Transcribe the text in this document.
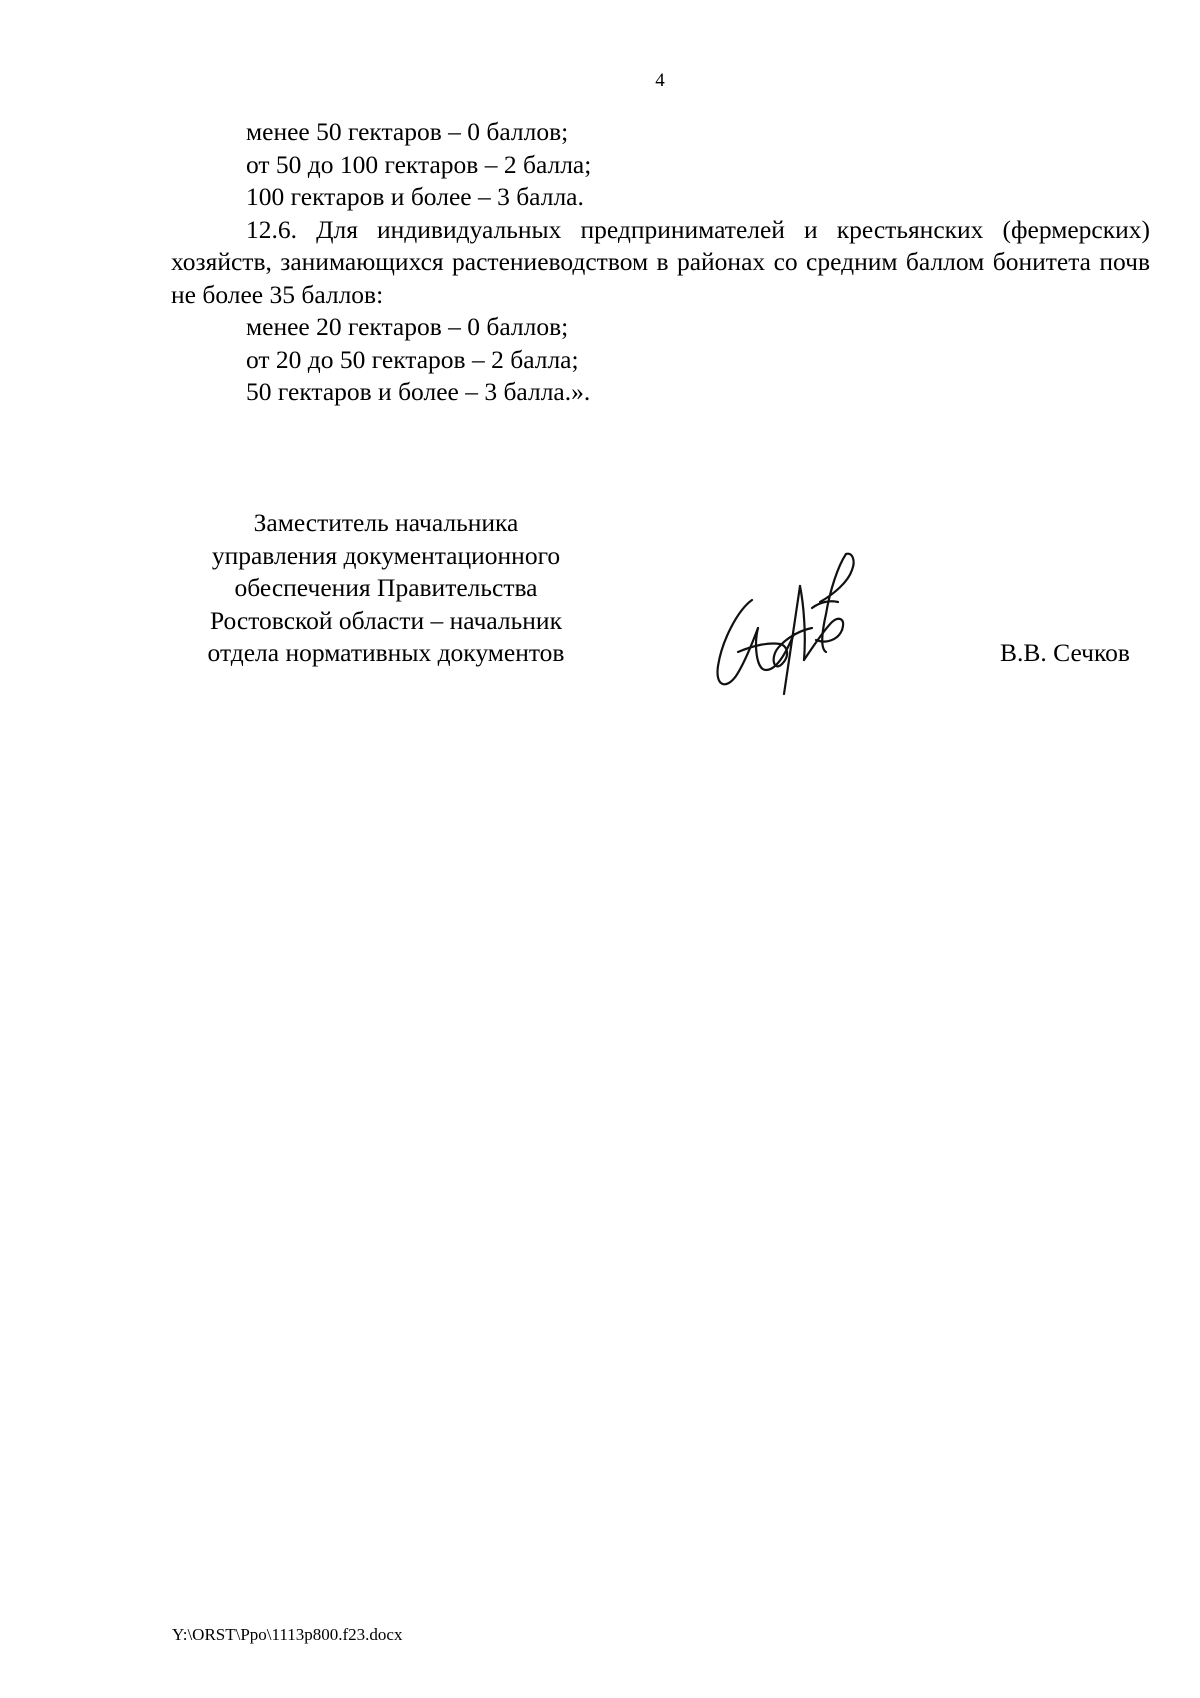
4

менее 50 гектаров – 0 баллов;

от 50 до 100 гектаров – 2 балла;

100 гектаров и более – 3 балла.

12.6. Для индивидуальных предпринимателей и крестьянских (фермерских) хозяйств, занимающихся растениеводством в районах со средним баллом бонитета почв не более 35 баллов:

менее 20 гектаров – 0 баллов;

от 20 до 50 гектаров – 2 балла;

50 гектаров и более – 3 балла.».

Заместитель начальника
управления документационного
обеспечения Правительства
Ростовской области – начальник
отдела нормативных документов	В.В. Сечков
Y:\ORST\Ppo\1113p800.f23.docx
